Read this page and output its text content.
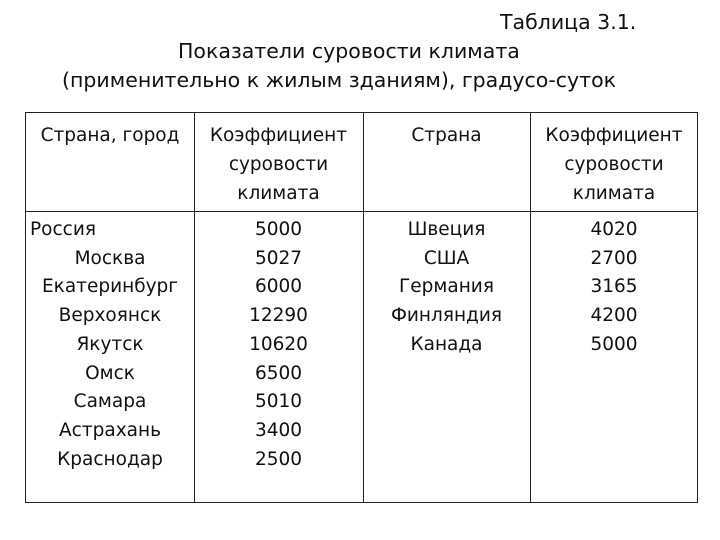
Таблица 3.1.
Показатели суровости климата
(применительно к жилым зданиям), градусо-суток
Страна, город	Коэффициент
суровости
климата
Страна	Коэффициент
суровости
климата
Россия
Москва
Екатеринбург
Верхоянск
Якутск
Омск
Самара
Астрахань
Краснодар
5000
5027
6000
12290
10620
6500
5010
3400
2500
Швеция
США
Германия
Финляндия
Канада
4020
2700
3165
4200
5000
